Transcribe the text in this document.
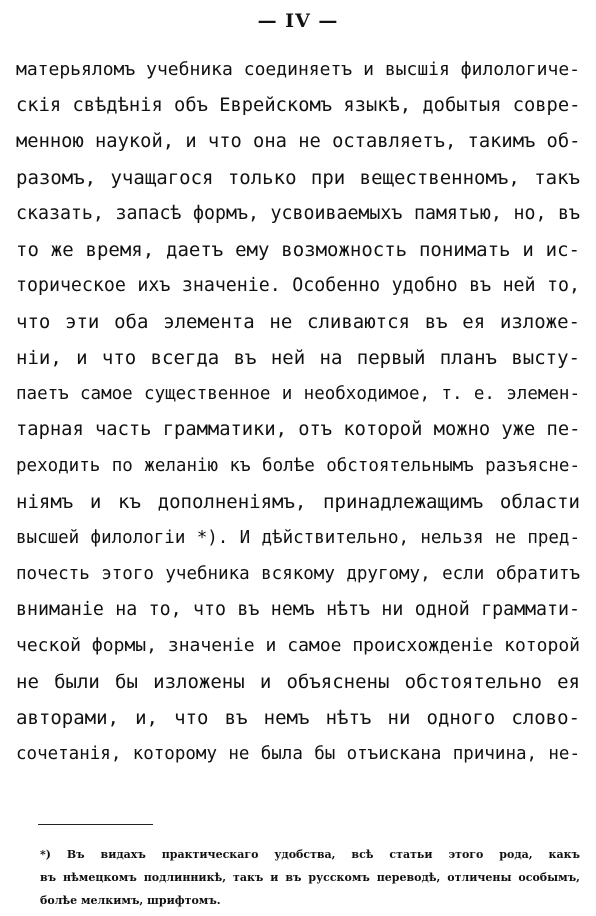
— IV —
матерьяломъ учебника соединяетъ и высшія филологиче-
скія свѣдѣнія объ Еврейскомъ языкѣ, добытыя совре-
менною наукой, и что она не оставляетъ, такимъ об-
разомъ, учащагося только при вещественномъ, такъ
сказать, запасѣ формъ, усвоиваемыхъ памятью, но, въ
то же время, даетъ ему возможность понимать и ис-
торическое ихъ значеніе. Особенно удобно въ ней то,
что эти оба элемента не сливаются въ ея изложе-
ніи, и что всегда въ ней на первый планъ высту-
паетъ самое существенное и необходимое, т. е. элемен-
тарная часть грамматики, отъ которой можно уже пе-
реходить по желанію къ болѣе обстоятельнымъ разъясне-
ніямъ и къ дополненіямъ, принадлежащимъ области
высшей филологіи *). И дѣйствительно, нельзя не пред-
почесть этого учебника всякому другому, если обратитъ
вниманіе на то, что въ немъ нѣтъ ни одной граммати-
ческой формы, значеніе и самое происхожденіе которой
не были бы изложены и объяснены обстоятельно ея
авторами, и, что въ немъ нѣтъ ни одного слово-
сочетанія, которому не была бы отъискана причина, не-
*) Въ видахъ практическаго удобства, всѣ статьи этого рода, какъ
въ нѣмецкомъ подлинникѣ, такъ и въ русскомъ переводѣ, отличены особымъ,
болѣе мелкимъ, шрифтомъ.
